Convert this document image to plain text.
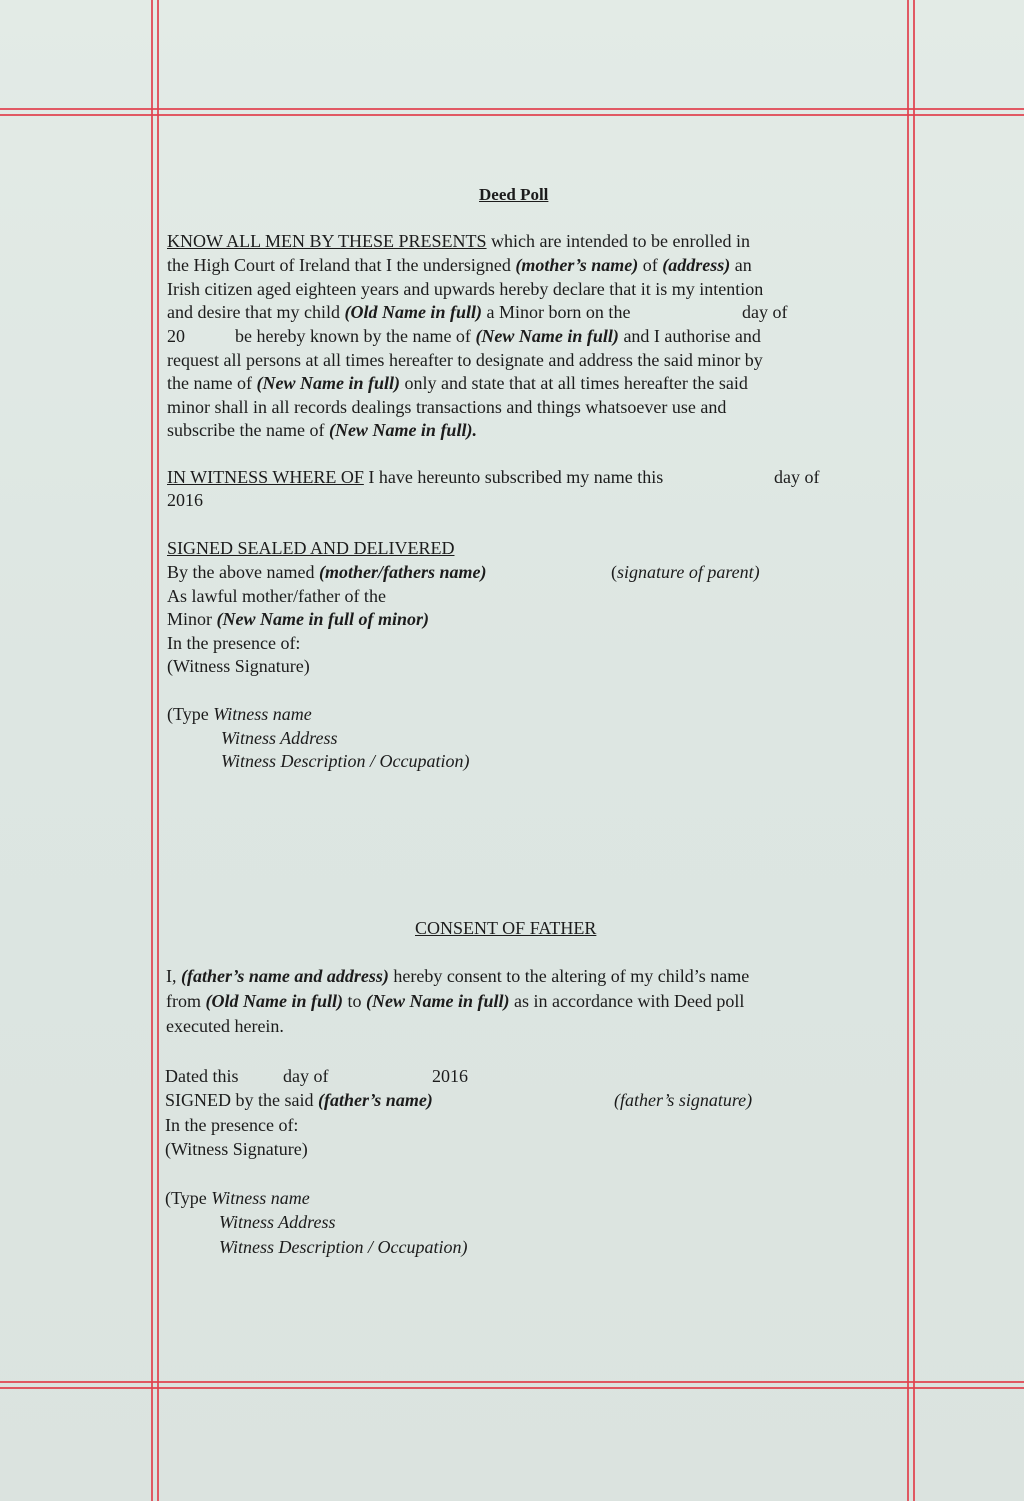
Deed Poll
KNOW ALL MEN BY THESE PRESENTS which are intended to be enrolled in
the High Court of Ireland that I the undersigned (mother’s name) of (address) an
Irish citizen aged eighteen years and upwards hereby declare that it is my intention
and desire that my child (Old Name in full) a Minor born on the	day of
20	be hereby known by the name of (New Name in full) and I authorise and
request all persons at all times hereafter to designate and address the said minor by
the name of (New Name in full) only and state that at all times hereafter the said
minor shall in all records dealings transactions and things whatsoever use and
subscribe the name of (New Name in full).
IN WITNESS WHERE OF I have hereunto subscribed my name this	day of
2016
SIGNED SEALED AND DELIVERED
By the above named (mother/fathers name)	(signature of parent)
As lawful mother/father of the
Minor (New Name in full of minor)
In the presence of:
(Witness Signature)
(Type Witness name
Witness Address
Witness Description / Occupation)
CONSENT OF FATHER
I, (father’s name and address) hereby consent to the altering of my child’s name
from (Old Name in full) to (New Name in full) as in accordance with Deed poll
executed herein.
Dated this day of	2016
SIGNED by the said (father’s name)	(father’s signature)
In the presence of:
(Witness Signature)
(Type Witness name
Witness Address
Witness Description / Occupation)
